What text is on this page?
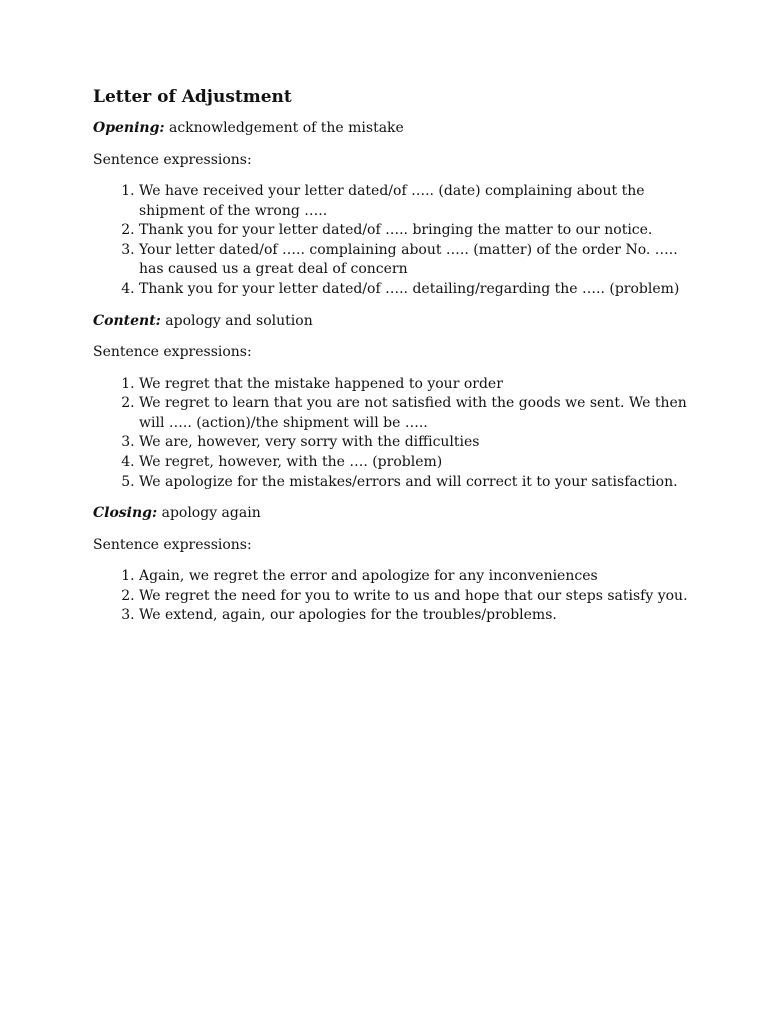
Letter of Adjustment

Opening: acknowledgement of the mistake

Sentence expressions:

1. We have received your letter dated/of ….. (date) complaining about the shipment of the wrong …..
2. Thank you for your letter dated/of ….. bringing the matter to our notice.
3. Your letter dated/of ….. complaining about ….. (matter) of the order No. ….. has caused us a great deal of concern
4. Thank you for your letter dated/of ….. detailing/regarding the ….. (problem)

Content: apology and solution

Sentence expressions:

1. We regret that the mistake happened to your order
2. We regret to learn that you are not satisfied with the goods we sent. We then will ….. (action)/the shipment will be …..
3. We are, however, very sorry with the difficulties
4. We regret, however, with the …. (problem)
5. We apologize for the mistakes/errors and will correct it to your satisfaction.

Closing: apology again

Sentence expressions:

1. Again, we regret the error and apologize for any inconveniences
2. We regret the need for you to write to us and hope that our steps satisfy you.
3. We extend, again, our apologies for the troubles/problems.
